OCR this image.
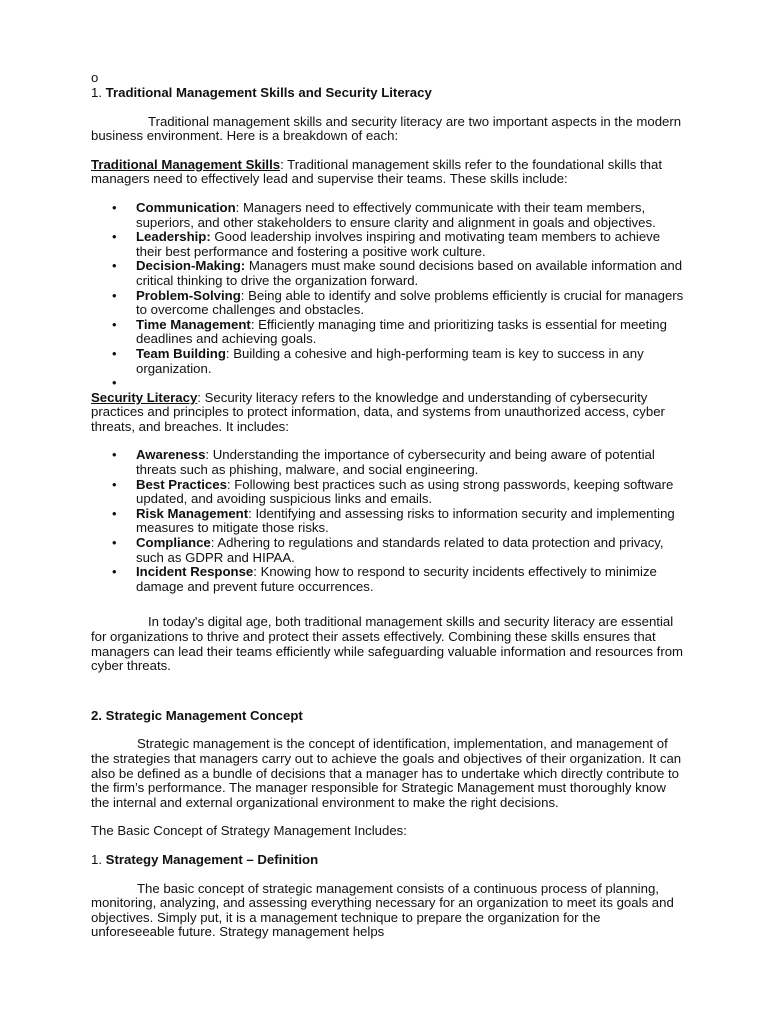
o

1. Traditional Management Skills and Security Literacy

Traditional management skills and security literacy are two important aspects in the modern business environment. Here is a breakdown of each:

Traditional Management Skills: Traditional management skills refer to the foundational skills that managers need to effectively lead and supervise their teams. These skills include:

• Communication: Managers need to effectively communicate with their team members, superiors, and other stakeholders to ensure clarity and alignment in goals and objectives.
• Leadership: Good leadership involves inspiring and motivating team members to achieve their best performance and fostering a positive work culture.
• Decision-Making: Managers must make sound decisions based on available information and critical thinking to drive the organization forward.
• Problem-Solving: Being able to identify and solve problems efficiently is crucial for managers to overcome challenges and obstacles.
• Time Management: Efficiently managing time and prioritizing tasks is essential for meeting deadlines and achieving goals.
• Team Building: Building a cohesive and high-performing team is key to success in any organization.
•

Security Literacy: Security literacy refers to the knowledge and understanding of cybersecurity practices and principles to protect information, data, and systems from unauthorized access, cyber threats, and breaches. It includes:

• Awareness: Understanding the importance of cybersecurity and being aware of potential threats such as phishing, malware, and social engineering.
• Best Practices: Following best practices such as using strong passwords, keeping software updated, and avoiding suspicious links and emails.
• Risk Management: Identifying and assessing risks to information security and implementing measures to mitigate those risks.
• Compliance: Adhering to regulations and standards related to data protection and privacy, such as GDPR and HIPAA.
• Incident Response: Knowing how to respond to security incidents effectively to minimize damage and prevent future occurrences.

In today's digital age, both traditional management skills and security literacy are essential for organizations to thrive and protect their assets effectively. Combining these skills ensures that managers can lead their teams efficiently while safeguarding valuable information and resources from cyber threats.

2. Strategic Management Concept

Strategic management is the concept of identification, implementation, and management of the strategies that managers carry out to achieve the goals and objectives of their organization. It can also be defined as a bundle of decisions that a manager has to undertake which directly contribute to the firm’s performance. The manager responsible for Strategic Management must thoroughly know the internal and external organizational environment to make the right decisions.

The Basic Concept of Strategy Management Includes:

1. Strategy Management – Definition

The basic concept of strategic management consists of a continuous process of planning, monitoring, analyzing, and assessing everything necessary for an organization to meet its goals and objectives. Simply put, it is a management technique to prepare the organization for the unforeseeable future. Strategy management helps
